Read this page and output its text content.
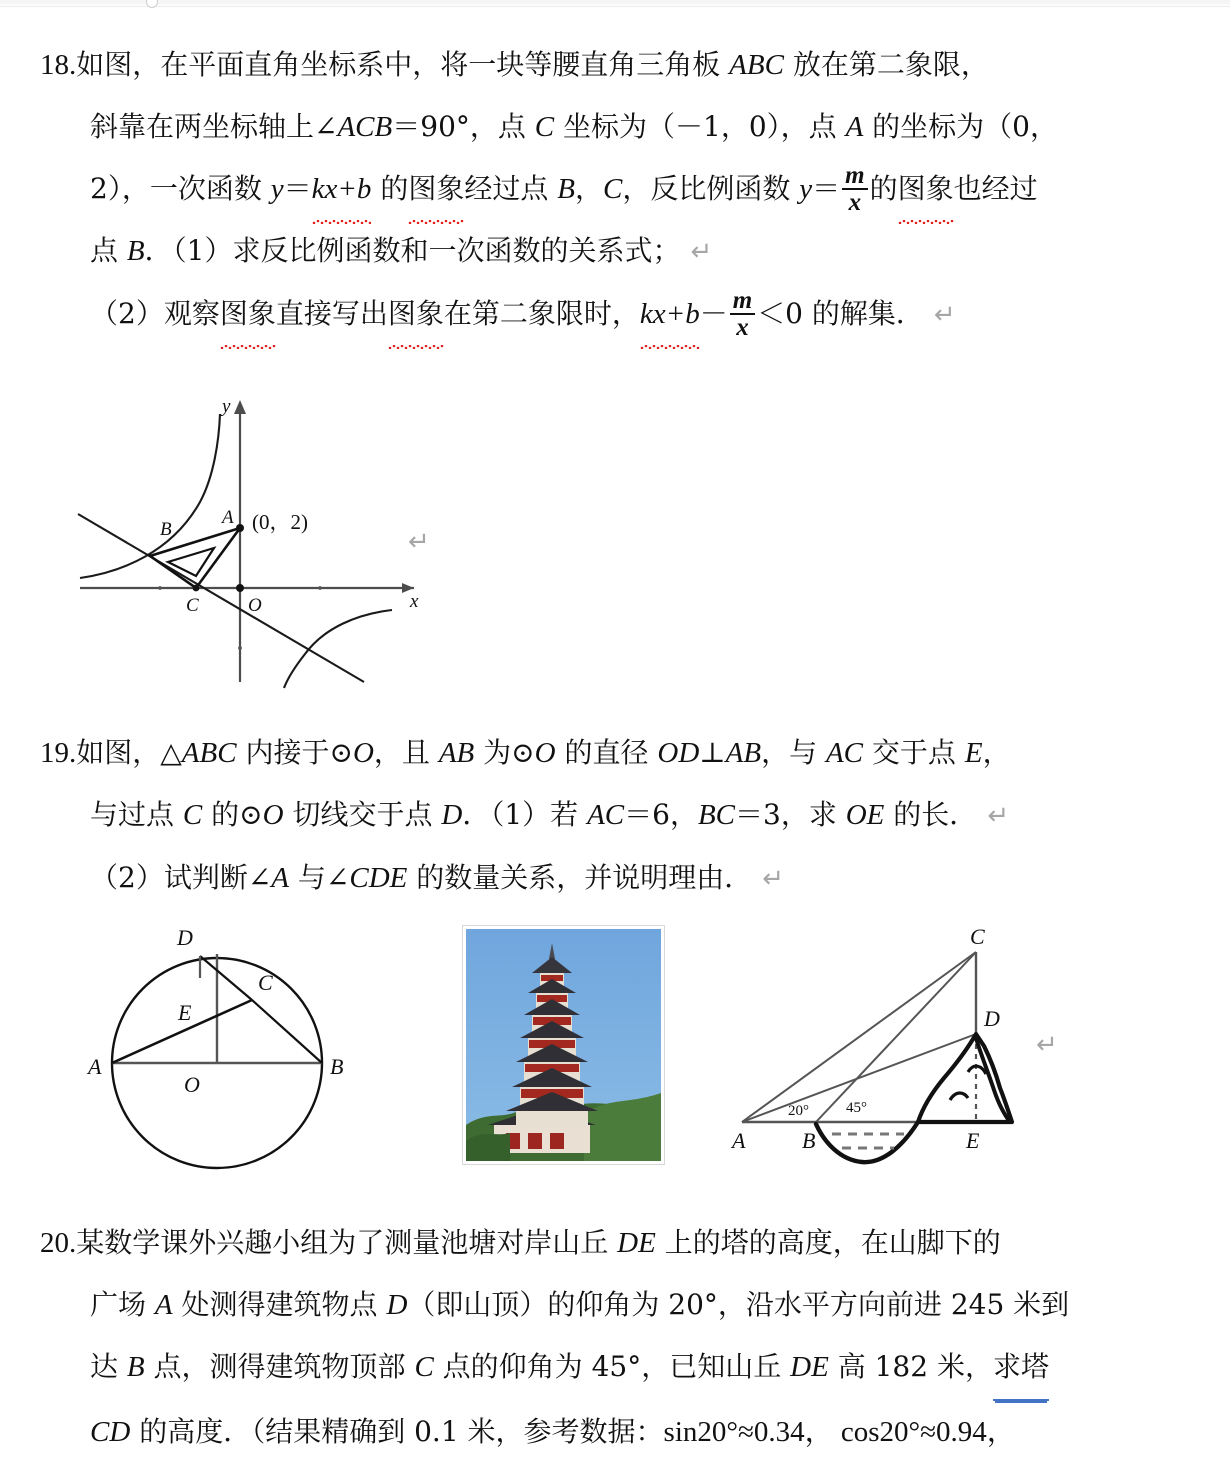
18.如图，在平面直角坐标系中，将一块等腰直角三角板 ABC 放在第二象限，
斜靠在两坐标轴上∠ACB＝90°，点 C 坐标为（－1，0），点 A 的坐标为（0，
2），一次函数 y＝kx+b 的图象经过点 B，C，反比例函数 $y= \frac{m}{x}$ 的图象也经过
点 B．（1）求反比例函数和一次函数的关系式； ↵
（2）观察图象直接写出图象在第二象限时，$kx+b- \frac{m}{x} <0$ 的解集． ↵
A
B
C	O
y
x
(0，2)
↵
19.如图，△ABC 内接于⊙O，且 AB 为⊙O 的直径 OD⊥AB，与 AC 交于点 E，
与过点 C 的⊙O 切线交于点 D．（1）若 AC＝6，BC＝3，求 OE 的长． ↵
（2）试判断∠A 与∠CDE 的数量关系，并说明理由． ↵
D
C
E
A	B
O
C
D
A	B	E
20° 45°
↵
20.某数学课外兴趣小组为了测量池塘对岸山丘 DE 上的塔的高度，在山脚下的
广场 A 处测得建筑物点 D（即山顶）的仰角为 20°，沿水平方向前进 245 米到
达 B 点，测得建筑物顶部 C 点的仰角为 45°，已知山丘 DE 高 182 米，求塔
CD 的高度．（结果精确到 0.1 米，参考数据：sin20°≈0.34， cos20°≈0.94，
